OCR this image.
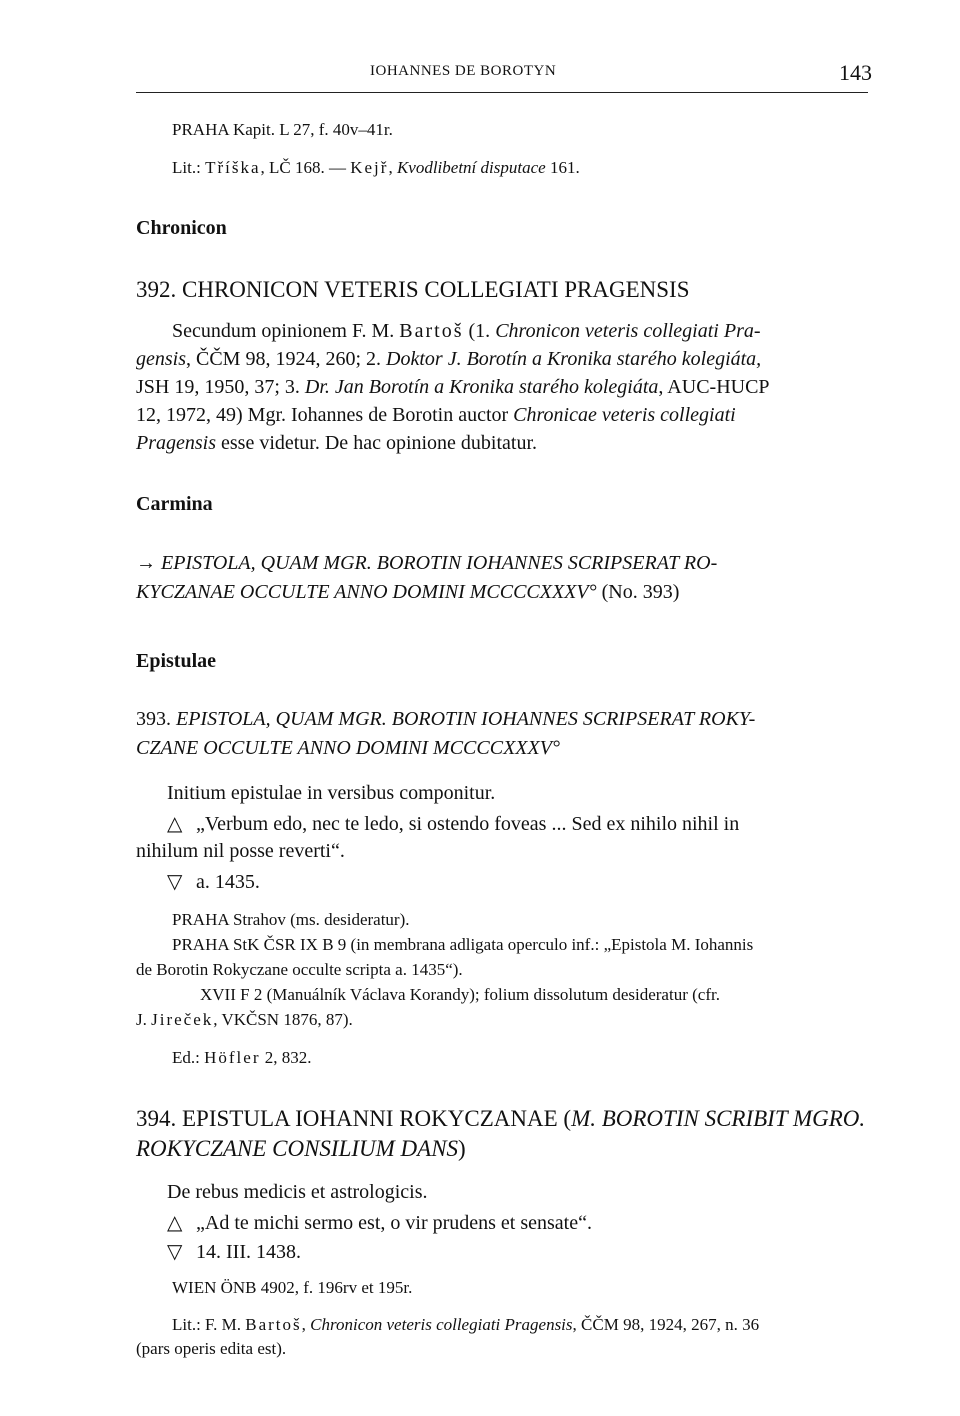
IOHANNES DE BOROTYN	143
PRAHA Kapit. L 27, f. 40v–41r.
Lit.: Tříška, LČ 168. — Kejř, Kvodlibetní disputace 161.
Chronicon
392. CHRONICON VETERIS COLLEGIATI PRAGENSIS
Secundum opinionem F. M. Bartoš (1. Chronicon veteris collegiati Pra-
gensis, ČČM 98, 1924, 260; 2. Doktor J. Borotín a Kronika starého kolegiáta,
JSH 19, 1950, 37; 3. Dr. Jan Borotín a Kronika starého kolegiáta, AUC-HUCP
12, 1972, 49) Mgr. Iohannes de Borotin auctor Chronicae veteris collegiati
Pragensis esse videtur. De hac opinione dubitatur.
Carmina
→ EPISTOLA, QUAM MGR. BOROTIN IOHANNES SCRIPSERAT RO-
KYCZANAE OCCULTE ANNO DOMINI MCCCCXXXV° (No. 393)
Epistulae
393. EPISTOLA, QUAM MGR. BOROTIN IOHANNES SCRIPSERAT ROKY-
CZANE OCCULTE ANNO DOMINI MCCCCXXXV°
Initium epistulae in versibus componitur.
△ „Verbum edo, nec te ledo, si ostendo foveas ... Sed ex nihilo nihil in
nihilum nil posse reverti“.
▽ a. 1435.
PRAHA Strahov (ms. desideratur).
PRAHA StK ČSR IX B 9 (in membrana adligata operculo inf.: „Epistola M. Iohannis
de Borotin Rokyczane occulte scripta a. 1435“).
XVII F 2 (Manuálník Václava Korandy); folium dissolutum desideratur (cfr.
J. Jireček, VKČSN 1876, 87).
Ed.: Höfler 2, 832.
394. EPISTULA IOHANNI ROKYCZANAE (M. BOROTIN SCRIBIT MGRO.
ROKYCZANE CONSILIUM DANS)
De rebus medicis et astrologicis.
△ „Ad te michi sermo est, o vir prudens et sensate“.
▽ 14. III. 1438.
WIEN ÖNB 4902, f. 196rv et 195r.
Lit.: F. M. Bartoš, Chronicon veteris collegiati Pragensis, ČČM 98, 1924, 267, n. 36
(pars operis edita est).
